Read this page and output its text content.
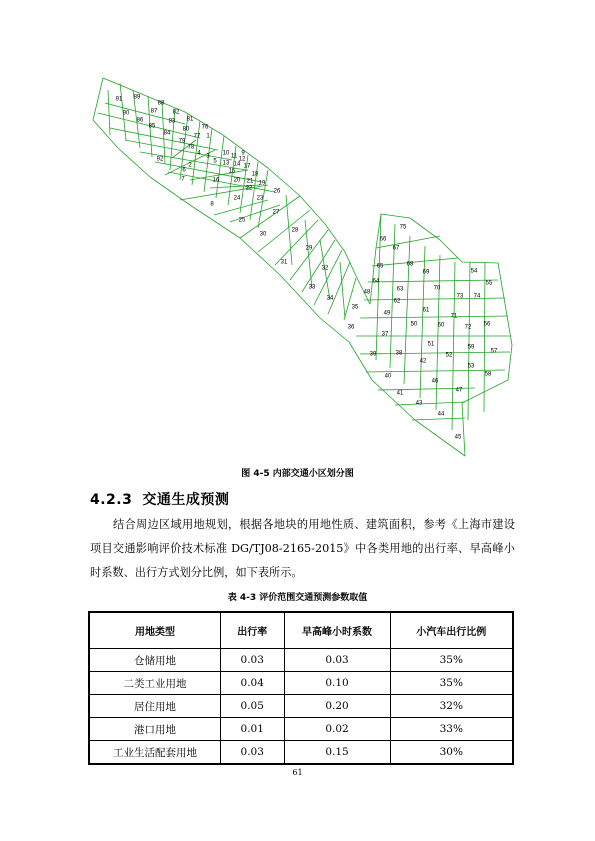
91 89
88
87	82
81
90
86
85
83
80 76
84
79
78
77 1
4 3 10 9
92
2
5 13 14
11 12
17
6	15
16 20
18
21 19
7
22
23
26
24
8
25
27
30
28
29
31
32
33
34
35
36
75
66
67
65	68
69
64
48	63	70
62
61
49
50	60
71
51
39	38	52
42
37
40
41
46
43
47
44
45
54
55
73 74
72 56
59
53
57
58
图 4-5 内部交通小区划分图
4.2.3 交通生成预测
结合周边区域用地规划，根据各地块的用地性质、建筑面积，参考《上海市建设项目交通影响评价技术标准 DG/TJ08-2165-2015》中各类用地的出行率、早高峰小时系数、出行方式划分比例，如下表所示。
表 4-3 评价范围交通预测参数取值
用地类型	出行率	早高峰小时系数	小汽车出行比例
仓储用地	0.03	0.03	35%
二类工业用地	0.04	0.10	35%
居住用地	0.05	0.20	32%
港口用地	0.01	0.02	33%
工业生活配套用地	0.03	0.15	30%
61
